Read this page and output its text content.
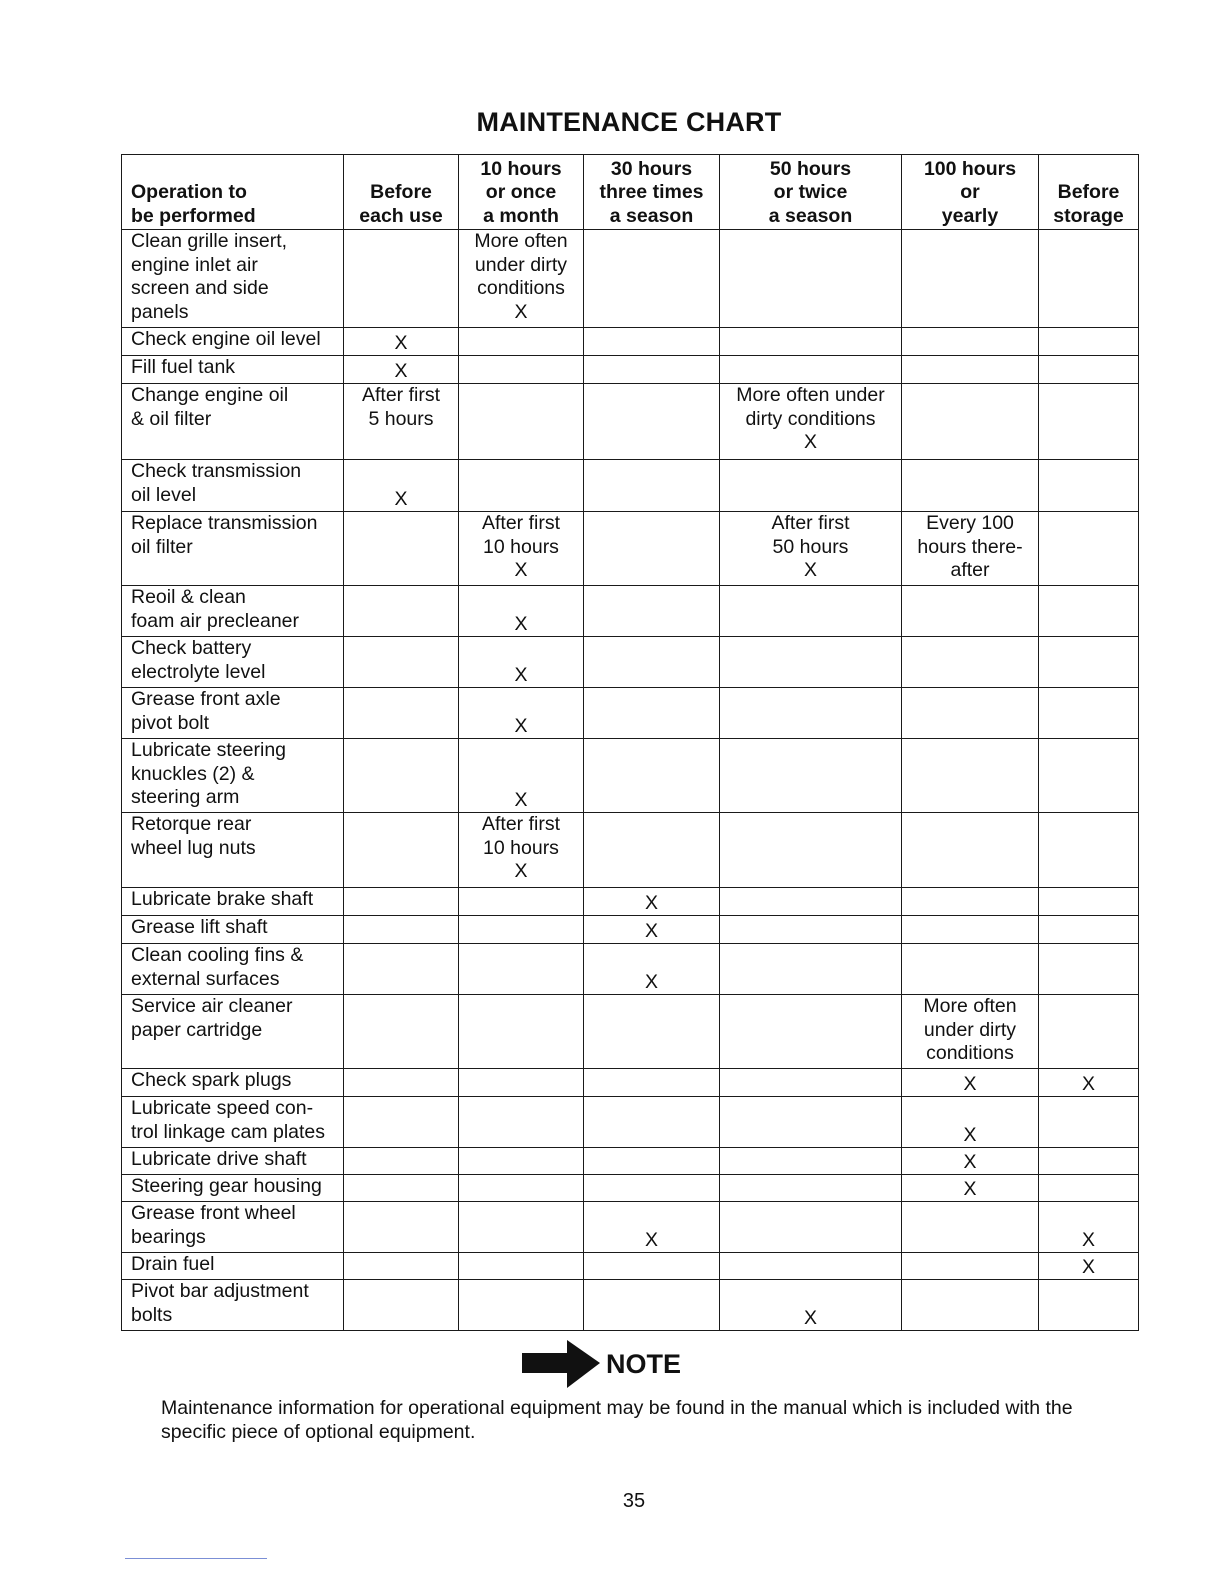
MAINTENANCE CHART
Operation to
be performed	Before
each use	10 hours
or once
a month	30 hours
three times
a season	50 hours
or twice
a season	100 hours
or
yearly	Before
storage
Clean grille insert,
engine inlet air
screen and side
panels		More often
under dirty
conditions
X				
Check engine oil level	X					
Fill fuel tank	X					
Change engine oil
& oil filter	After first
5 hours			More often under
dirty conditions
X		
Check transmission
oil level	X					
Replace transmission
oil filter		After first
10 hours
X		After first
50 hours
X	Every 100
hours there-
after	
Reoil & clean
foam air precleaner		X				
Check battery
electrolyte level		X				
Grease front axle
pivot bolt		X				
Lubricate steering
knuckles (2) &
steering arm		X				
Retorque rear
wheel lug nuts		After first
10 hours
X				
Lubricate brake shaft			X			
Grease lift shaft			X			
Clean cooling fins &
external surfaces			X			
Service air cleaner
paper cartridge					More often
under dirty
conditions	
Check spark plugs					X	X
Lubricate speed con-
trol linkage cam plates					X	
Lubricate drive shaft					X	
Steering gear housing					X	
Grease front wheel
bearings			X			X
Drain fuel						X
Pivot bar adjustment
bolts				X		
NOTE
Maintenance information for operational equipment may be found in the manual which is included with the specific piece of optional equipment.
35
